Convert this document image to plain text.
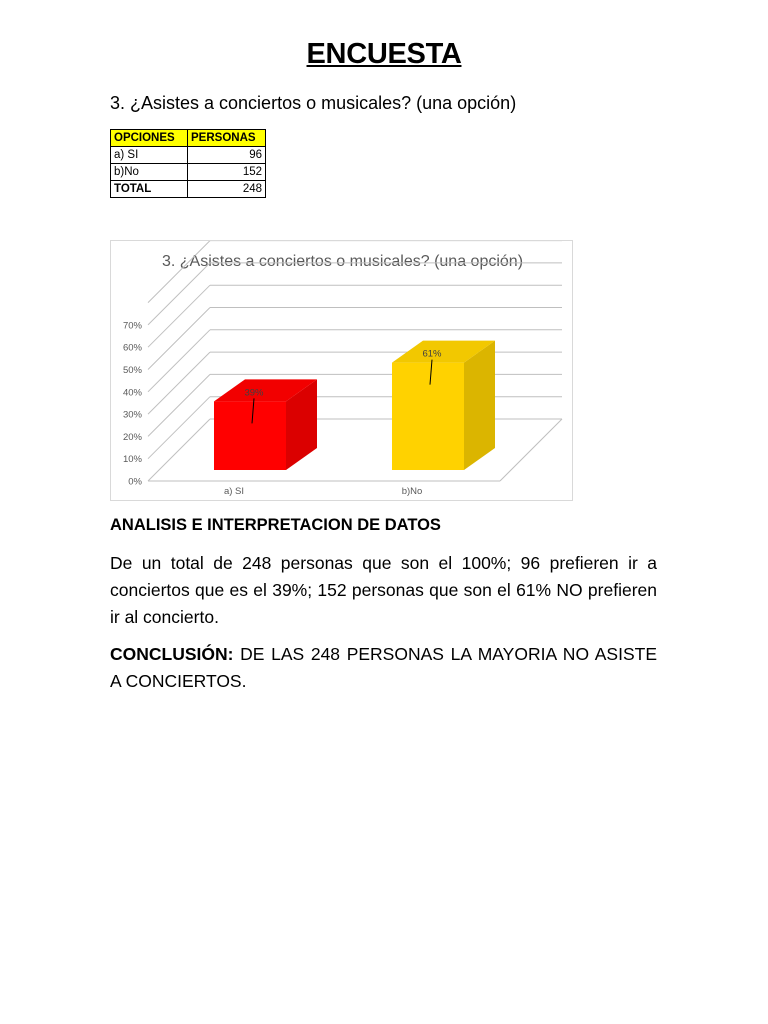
ENCUESTA
3. ¿Asistes a conciertos o musicales? (una opción)
OPCIONES	PERSONAS
a) SI	96
b)No	152
TOTAL	248
3. ¿Asistes a conciertos o musicales? (una opción)
0%
10%
20%
30%
40%
50%
60%
70%
39%
a) SI
61%
b)No
ANALISIS E INTERPRETACION DE DATOS
De un total de 248 personas que son el 100%; 96 prefieren ir a conciertos que es el 39%; 152 personas que son el 61% NO prefieren ir al concierto.
CONCLUSIÓN: DE LAS 248 PERSONAS LA MAYORIA NO ASISTE A CONCIERTOS.
